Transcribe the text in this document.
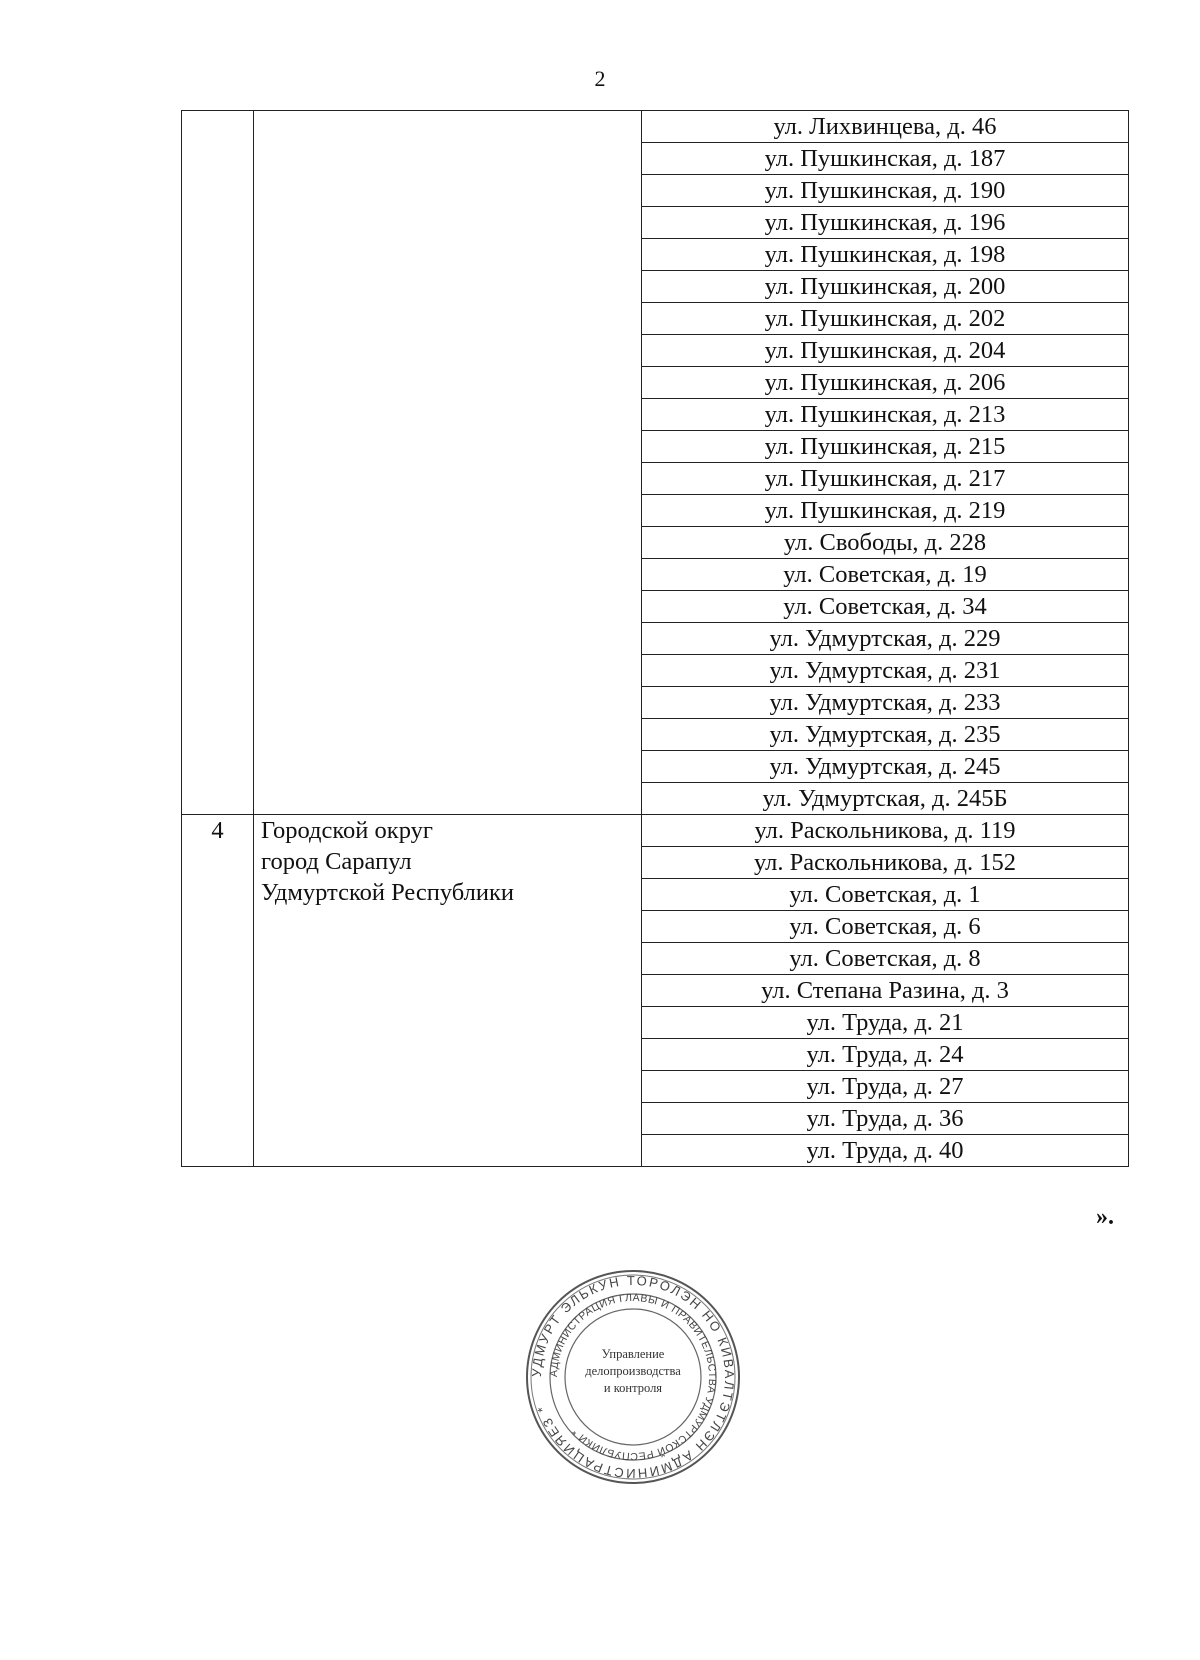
2
		ул. Лихвинцева, д. 46
		ул. Пушкинская, д. 187
		ул. Пушкинская, д. 190
		ул. Пушкинская, д. 196
		ул. Пушкинская, д. 198
		ул. Пушкинская, д. 200
		ул. Пушкинская, д. 202
		ул. Пушкинская, д. 204
		ул. Пушкинская, д. 206
		ул. Пушкинская, д. 213
		ул. Пушкинская, д. 215
		ул. Пушкинская, д. 217
		ул. Пушкинская, д. 219
		ул. Свободы, д. 228
		ул. Советская, д. 19
		ул. Советская, д. 34
		ул. Удмуртская, д. 229
		ул. Удмуртская, д. 231
		ул. Удмуртская, д. 233
		ул. Удмуртская, д. 235
		ул. Удмуртская, д. 245
		ул. Удмуртская, д. 245Б
4	Городской округ
город Сарапул
Удмуртской Республики	ул. Раскольникова, д. 119
		ул. Раскольникова, д. 152
		ул. Советская, д. 1
		ул. Советская, д. 6
		ул. Советская, д. 8
		ул. Степана Разина, д. 3
		ул. Труда, д. 21
		ул. Труда, д. 24
		ул. Труда, д. 27
		ул. Труда, д. 36
		ул. Труда, д. 40
».
УДМУРТ ЭЛЬКУН ТОРОЛЭН НО КИВАЛТЭТЛЭН АДМИНИСТРАЦИЯЕЗ *
АДМИНИСТРАЦИЯ ГЛАВЫ И ПРАВИТЕЛЬСТВА УДМУРТСКОЙ РЕСПУБЛИКИ *
Управление
делопроизводства
и контроля
